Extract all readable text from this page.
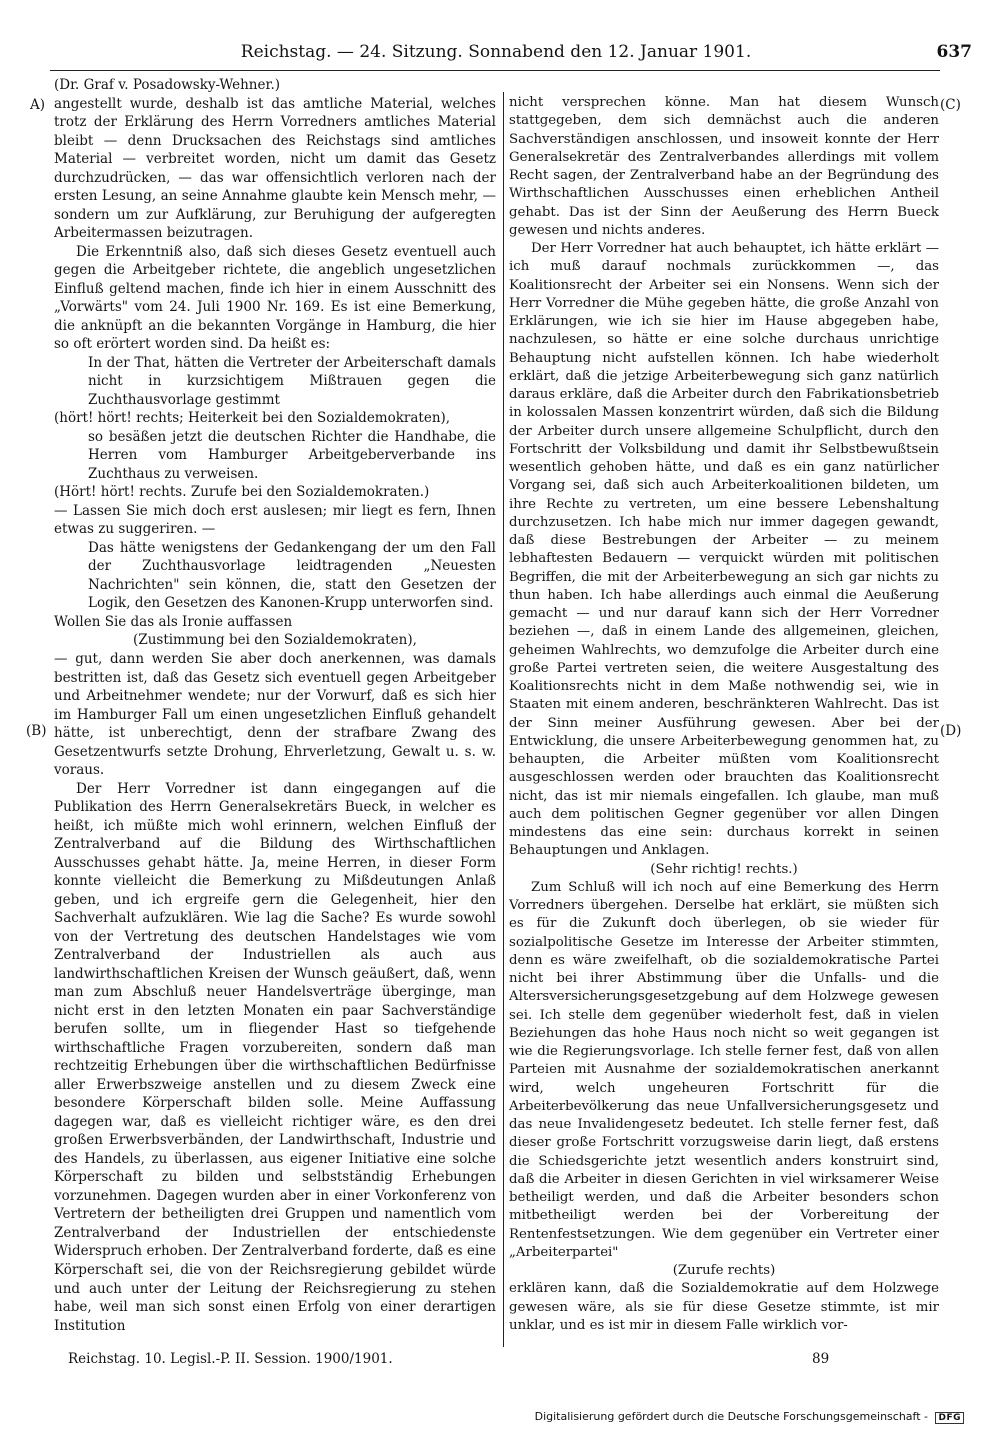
Reichstag. — 24. Sitzung. Sonnabend den 12. Januar 1901.	637
A)
(B)
(C)
(D)

(Dr. Graf v. Posadowsky-Wehner.)

angestellt wurde, deshalb ist das amtliche Material, welches trotz der Erklärung des Herrn Vorredners amtliches Material bleibt — denn Drucksachen des Reichstags sind amtliches Material — verbreitet worden, nicht um damit das Gesetz durchzudrücken, — das war offensichtlich verloren nach der ersten Lesung, an seine Annahme glaubte kein Mensch mehr, — sondern um zur Aufklärung, zur Beruhigung der aufgeregten Arbeitermassen beizutragen.

Die Erkenntniß also, daß sich dieses Gesetz eventuell auch gegen die Arbeitgeber richtete, die angeblich ungesetzlichen Einfluß geltend machen, finde ich hier in einem Ausschnitt des „Vorwärts" vom 24. Juli 1900 Nr. 169. Es ist eine Bemerkung, die anknüpft an die bekannten Vorgänge in Hamburg, die hier so oft erörtert worden sind. Da heißt es:

In der That, hätten die Vertreter der Arbeiterschaft damals nicht in kurzsichtigem Mißtrauen gegen die Zuchthausvorlage gestimmt

(hört! hört! rechts; Heiterkeit bei den Sozialdemokraten),

so besäßen jetzt die deutschen Richter die Handhabe, die Herren vom Hamburger Arbeitgeberverbande ins Zuchthaus zu verweisen.

(Hört! hört! rechts. Zurufe bei den Sozialdemokraten.)

— Lassen Sie mich doch erst auslesen; mir liegt es fern, Ihnen etwas zu suggeriren. —

Das hätte wenigstens der Gedankengang der um den Fall der Zuchthausvorlage leidtragenden „Neuesten Nachrichten" sein können, die, statt den Gesetzen der Logik, den Gesetzen des Kanonen-Krupp unterworfen sind.

Wollen Sie das als Ironie auffassen

(Zustimmung bei den Sozialdemokraten),

— gut, dann werden Sie aber doch anerkennen, was damals bestritten ist, daß das Gesetz sich eventuell gegen Arbeitgeber und Arbeitnehmer wendete; nur der Vorwurf, daß es sich hier im Hamburger Fall um einen ungesetzlichen Einfluß gehandelt hätte, ist unberechtigt, denn der strafbare Zwang des Gesetzentwurfs setzte Drohung, Ehrverletzung, Gewalt u. s. w. voraus.

Der Herr Vorredner ist dann eingegangen auf die Publikation des Herrn Generalsekretärs Bueck, in welcher es heißt, ich müßte mich wohl erinnern, welchen Einfluß der Zentralverband auf die Bildung des Wirthschaftlichen Ausschusses gehabt hätte. Ja, meine Herren, in dieser Form konnte vielleicht die Bemerkung zu Mißdeutungen Anlaß geben, und ich ergreife gern die Gelegenheit, hier den Sachverhalt aufzuklären. Wie lag die Sache? Es wurde sowohl von der Vertretung des deutschen Handelstages wie vom Zentralverband der Industriellen als auch aus landwirthschaftlichen Kreisen der Wunsch geäußert, daß, wenn man zum Abschluß neuer Handelsverträge überginge, man nicht erst in den letzten Monaten ein paar Sachverständige berufen sollte, um in fliegender Hast so tiefgehende wirthschaftliche Fragen vorzubereiten, sondern daß man rechtzeitig Erhebungen über die wirthschaftlichen Bedürfnisse aller Erwerbszweige anstellen und zu diesem Zweck eine besondere Körperschaft bilden solle. Meine Auffassung dagegen war, daß es vielleicht richtiger wäre, es den drei großen Erwerbsverbänden, der Landwirthschaft, Industrie und des Handels, zu überlassen, aus eigener Initiative eine solche Körperschaft zu bilden und selbstständig Erhebungen vorzunehmen. Dagegen wurden aber in einer Vorkonferenz von Vertretern der betheiligten drei Gruppen und namentlich vom Zentralverband der Industriellen der entschiedenste Widerspruch erhoben. Der Zentralverband forderte, daß es eine Körperschaft sei, die von der Reichsregierung gebildet würde und auch unter der Leitung der Reichsregierung zu stehen habe, weil man sich sonst einen Erfolg von einer derartigen Institution

nicht versprechen könne. Man hat diesem Wunsch stattgegeben, dem sich demnächst auch die anderen Sachverständigen anschlossen, und insoweit konnte der Herr Generalsekretär des Zentralverbandes allerdings mit vollem Recht sagen, der Zentralverband habe an der Begründung des Wirthschaftlichen Ausschusses einen erheblichen Antheil gehabt. Das ist der Sinn der Aeußerung des Herrn Bueck gewesen und nichts anderes.

Der Herr Vorredner hat auch behauptet, ich hätte erklärt — ich muß darauf nochmals zurückkommen —, das Koalitionsrecht der Arbeiter sei ein Nonsens. Wenn sich der Herr Vorredner die Mühe gegeben hätte, die große Anzahl von Erklärungen, wie ich sie hier im Hause abgegeben habe, nachzulesen, so hätte er eine solche durchaus unrichtige Behauptung nicht aufstellen können. Ich habe wiederholt erklärt, daß die jetzige Arbeiterbewegung sich ganz natürlich daraus erkläre, daß die Arbeiter durch den Fabrikationsbetrieb in kolossalen Massen konzentrirt würden, daß sich die Bildung der Arbeiter durch unsere allgemeine Schulpflicht, durch den Fortschritt der Volksbildung und damit ihr Selbstbewußtsein wesentlich gehoben hätte, und daß es ein ganz natürlicher Vorgang sei, daß sich auch Arbeiterkoalitionen bildeten, um ihre Rechte zu vertreten, um eine bessere Lebenshaltung durchzusetzen. Ich habe mich nur immer dagegen gewandt, daß diese Bestrebungen der Arbeiter — zu meinem lebhaftesten Bedauern — verquickt würden mit politischen Begriffen, die mit der Arbeiterbewegung an sich gar nichts zu thun haben. Ich habe allerdings auch einmal die Aeußerung gemacht — und nur darauf kann sich der Herr Vorredner beziehen —, daß in einem Lande des allgemeinen, gleichen, geheimen Wahlrechts, wo demzufolge die Arbeiter durch eine große Partei vertreten seien, die weitere Ausgestaltung des Koalitionsrechts nicht in dem Maße nothwendig sei, wie in Staaten mit einem anderen, beschränkteren Wahlrecht. Das ist der Sinn meiner Ausführung gewesen. Aber bei der Entwicklung, die unsere Arbeiterbewegung genommen hat, zu behaupten, die Arbeiter müßten vom Koalitionsrecht ausgeschlossen werden oder brauchten das Koalitionsrecht nicht, das ist mir niemals eingefallen. Ich glaube, man muß auch dem politischen Gegner gegenüber vor allen Dingen mindestens das eine sein: durchaus korrekt in seinen Behauptungen und Anklagen.

(Sehr richtig! rechts.)

Zum Schluß will ich noch auf eine Bemerkung des Herrn Vorredners übergehen. Derselbe hat erklärt, sie müßten sich es für die Zukunft doch überlegen, ob sie wieder für sozialpolitische Gesetze im Interesse der Arbeiter stimmten, denn es wäre zweifelhaft, ob die sozialdemokratische Partei nicht bei ihrer Abstimmung über die Unfalls- und die Altersversicherungsgesetzgebung auf dem Holzwege gewesen sei. Ich stelle dem gegenüber wiederholt fest, daß in vielen Beziehungen das hohe Haus noch nicht so weit gegangen ist wie die Regierungsvorlage. Ich stelle ferner fest, daß von allen Parteien mit Ausnahme der sozialdemokratischen anerkannt wird, welch ungeheuren Fortschritt für die Arbeiterbevölkerung das neue Unfallversicherungsgesetz und das neue Invalidengesetz bedeutet. Ich stelle ferner fest, daß dieser große Fortschritt vorzugsweise darin liegt, daß erstens die Schiedsgerichte jetzt wesentlich anders konstruirt sind, daß die Arbeiter in diesen Gerichten in viel wirksamerer Weise betheiligt werden, und daß die Arbeiter besonders schon mitbetheiligt werden bei der Vorbereitung der Rentenfestsetzungen. Wie dem gegenüber ein Vertreter einer „Arbeiterpartei"

(Zurufe rechts)

erklären kann, daß die Sozialdemokratie auf dem Holzwege gewesen wäre, als sie für diese Gesetze stimmte, ist mir unklar, und es ist mir in diesem Falle wirklich vor-

Reichstag. 10. Legisl.-P. II. Session. 1900/1901.	89
Digitalisierung gefördert durch die Deutsche Forschungsgemeinschaft - DFG
